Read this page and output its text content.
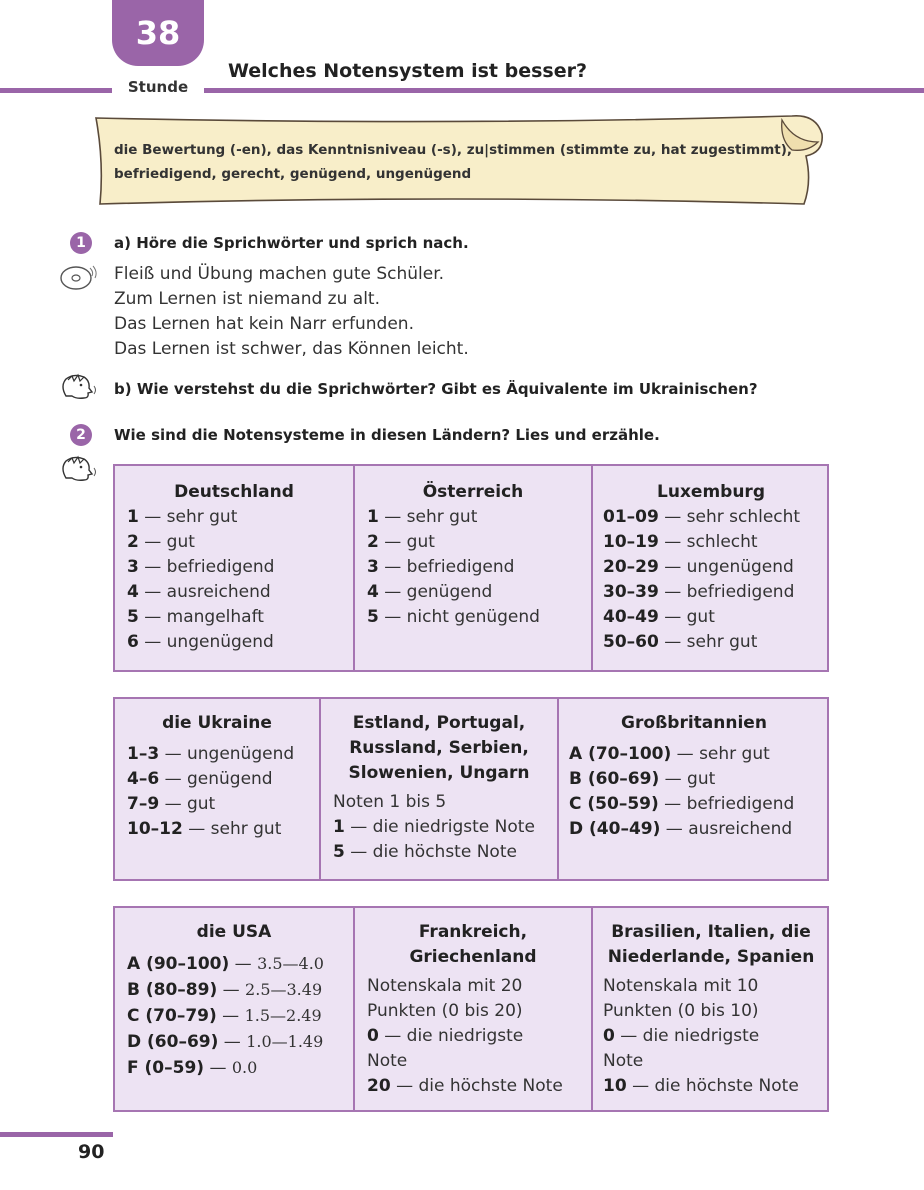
38
Stunde
Welches Notensystem ist besser?
die Bewertung (-en), das Kenntnisniveau (-s), zu|stimmen (stimmte zu, hat zugestimmt),
befriedigend, gerecht, genügend, ungenügend
1	a) Höre die Sprichwörter und sprich nach.
Fleiß und Übung machen gute Schüler.
Zum Lernen ist niemand zu alt.
Das Lernen hat kein Narr erfunden.
Das Lernen ist schwer, das Können leicht.
b) Wie verstehst du die Sprichwörter? Gibt es Äquivalente im Ukrainischen?
2	Wie sind die Notensysteme in diesen Ländern? Lies und erzähle.
Deutschland
1 — sehr gut
2 — gut
3 — befriedigend
4 — ausreichend
5 — mangelhaft
6 — ungenügend
Österreich
1 — sehr gut
2 — gut
3 — befriedigend
4 — genügend
5 — nicht genügend
Luxemburg
01–09 — sehr schlecht
10–19 — schlecht
20–29 — ungenügend
30–39 — befriedigend
40–49 — gut
50–60 — sehr gut
die Ukraine
1–3 — ungenügend
4–6 — genügend
7–9 — gut
10–12 — sehr gut
Estland, Portugal,
Russland, Serbien,
Slowenien, Ungarn
Noten 1 bis 5
1 — die niedrigste Note
5 — die höchste Note
Großbritannien
A (70–100) — sehr gut
B (60–69) — gut
C (50–59) — befriedigend
D (40–49) — ausreichend
die USA
A (90–100) — 3.5—4.0
B (80–89) — 2.5—3.49
C (70–79) — 1.5—2.49
D (60–69) — 1.0—1.49
F (0–59) — 0.0
Frankreich,
Griechenland
Notenskala mit 20
Punkten (0 bis 20)
0 — die niedrigste
Note
20 — die höchste Note
Brasilien, Italien, die
Niederlande, Spanien
Notenskala mit 10
Punkten (0 bis 10)
0 — die niedrigste
Note
10 — die höchste Note
90
